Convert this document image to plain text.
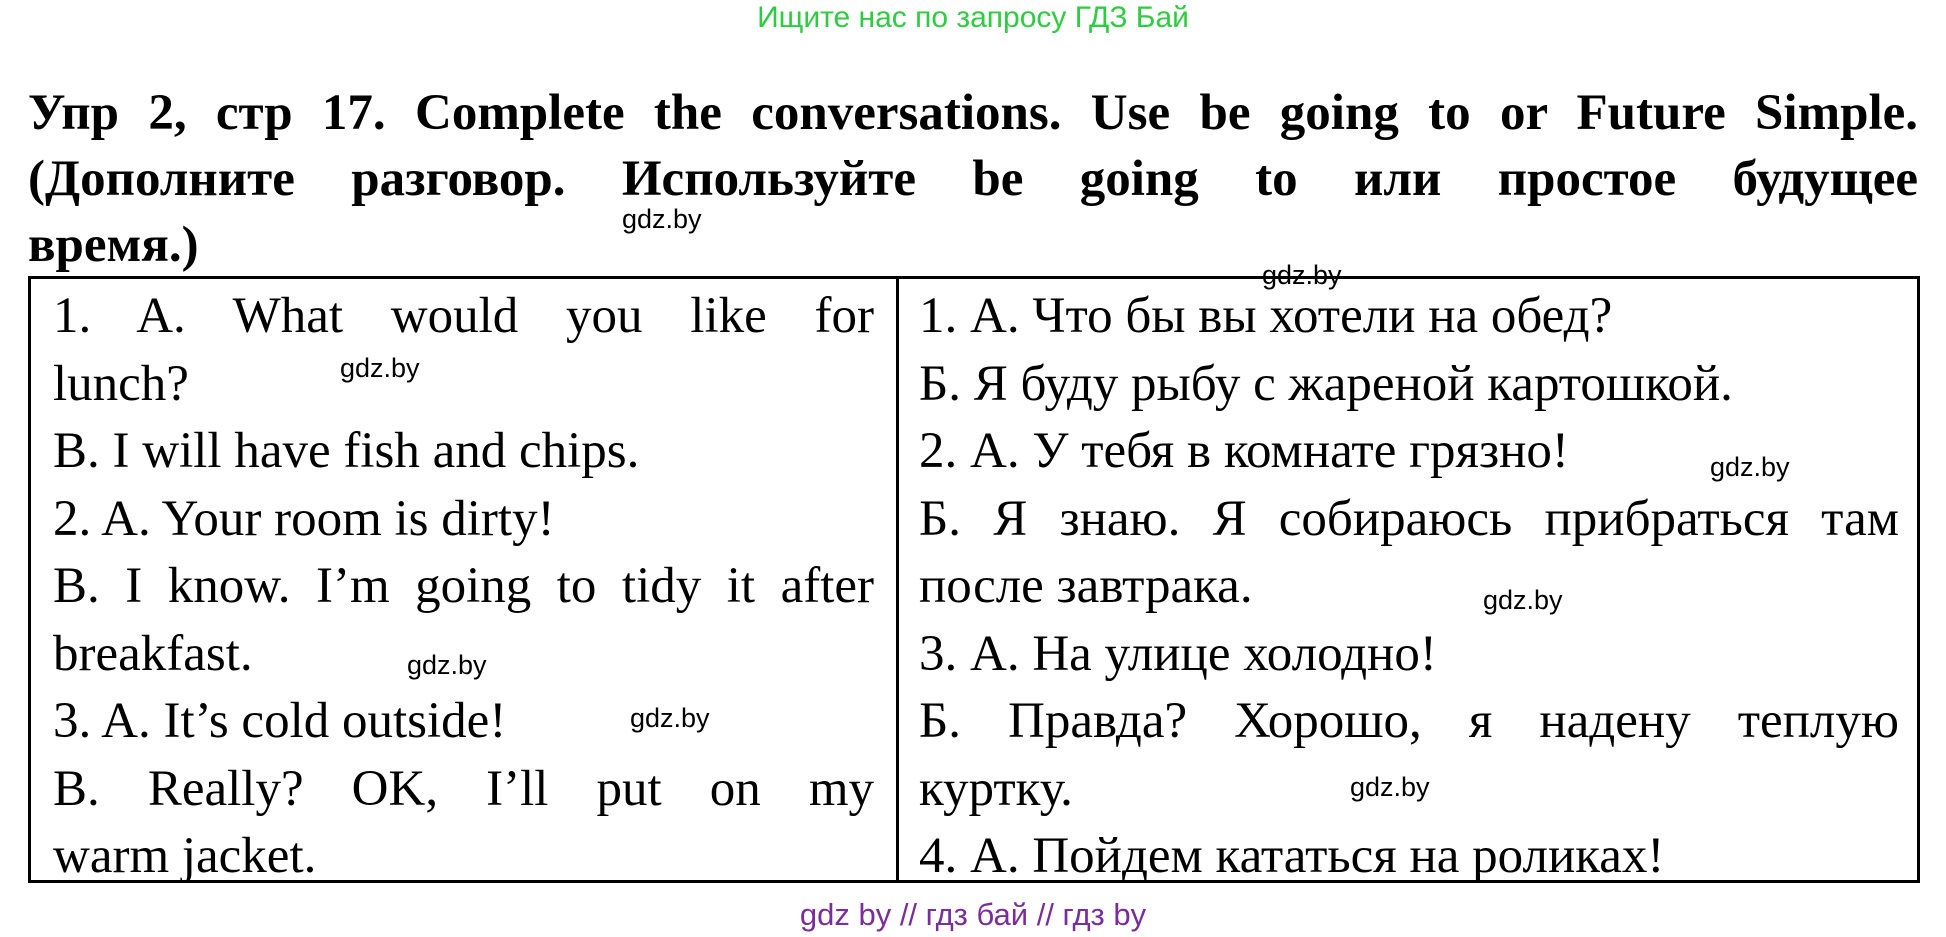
Ищите нас по запросу ГДЗ Бай
Упр 2, стр 17. Complete the conversations. Use be going to or Future Simple.
(Дополните разговор. Используйте be going to или простое будущее
время.)
1. A. What would you like for
lunch?
B. I will have fish and chips.
2. A. Your room is dirty!
B. I know. I’m going to tidy it after
breakfast.
3. A. It’s cold outside!
B. Really? OK, I’ll put on my
warm jacket.
1. А. Что бы вы хотели на обед?
Б. Я буду рыбу с жареной картошкой.
2. А. У тебя в комнате грязно!
Б. Я знаю. Я собираюсь прибраться там
после завтрака.
3. А. На улице холодно!
Б. Правда? Хорошо, я надену теплую
куртку.
4. А. Пойдем кататься на роликах!
gdz.by
gdz.by
gdz.by
gdz.by
gdz.by
gdz.by
gdz.by
gdz.by
gdz by // гдз бай // гдз by
